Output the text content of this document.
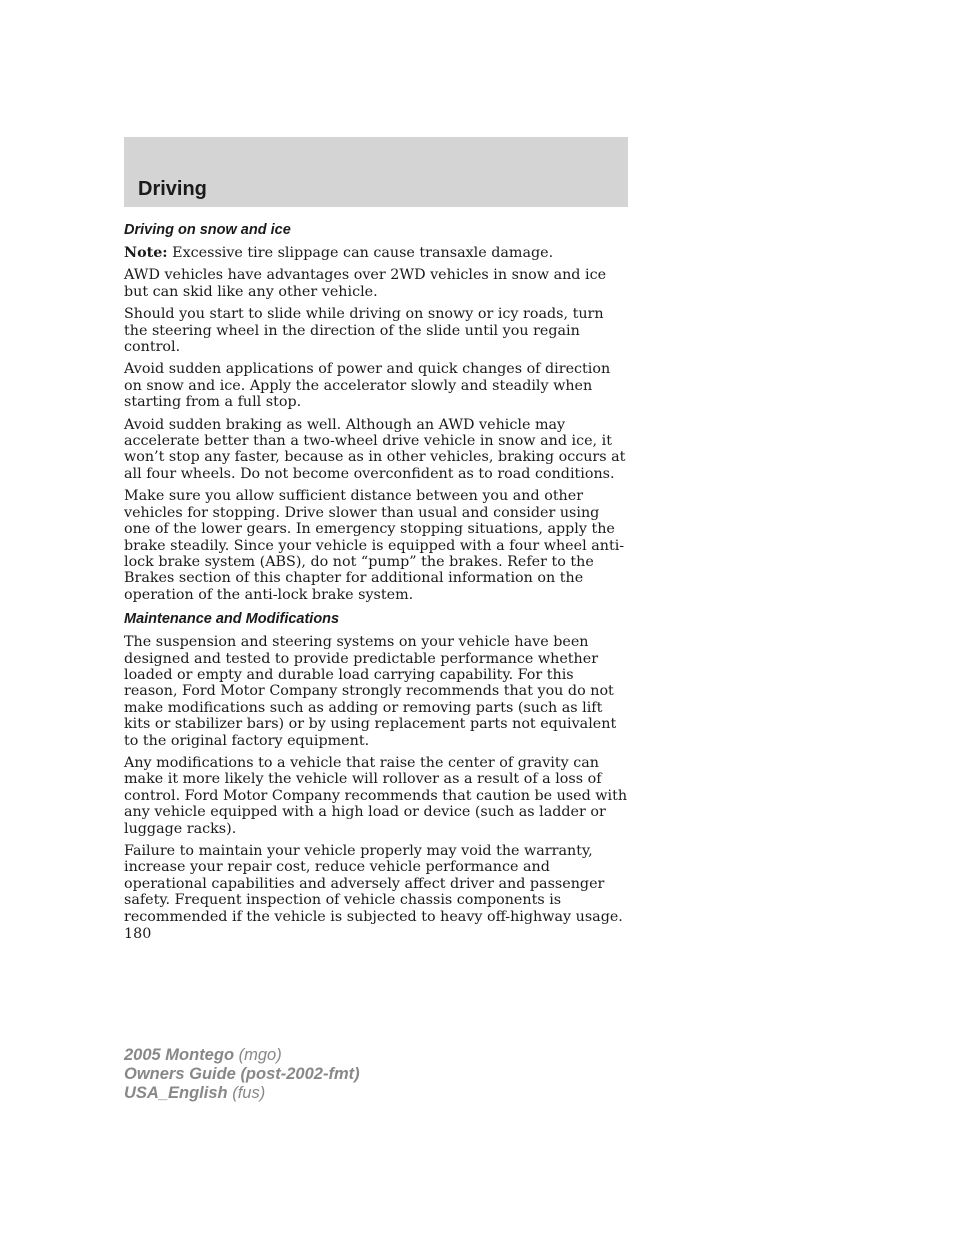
Driving
Driving on snow and ice

Note: Excessive tire slippage can cause transaxle damage.

AWD vehicles have advantages over 2WD vehicles in snow and ice but can skid like any other vehicle.

Should you start to slide while driving on snowy or icy roads, turn the steering wheel in the direction of the slide until you regain control.

Avoid sudden applications of power and quick changes of direction on snow and ice. Apply the accelerator slowly and steadily when starting from a full stop.

Avoid sudden braking as well. Although an AWD vehicle may accelerate better than a two-wheel drive vehicle in snow and ice, it won’t stop any faster, because as in other vehicles, braking occurs at all four wheels. Do not become overconfident as to road conditions.

Make sure you allow sufficient distance between you and other vehicles for stopping. Drive slower than usual and consider using one of the lower gears. In emergency stopping situations, apply the brake steadily. Since your vehicle is equipped with a four wheel anti-lock brake system (ABS), do not “pump” the brakes. Refer to the Brakes section of this chapter for additional information on the operation of the anti-lock brake system.

Maintenance and Modifications

The suspension and steering systems on your vehicle have been designed and tested to provide predictable performance whether loaded or empty and durable load carrying capability. For this reason, Ford Motor Company strongly recommends that you do not make modifications such as adding or removing parts (such as lift kits or stabilizer bars) or by using replacement parts not equivalent to the original factory equipment.

Any modifications to a vehicle that raise the center of gravity can make it more likely the vehicle will rollover as a result of a loss of control. Ford Motor Company recommends that caution be used with any vehicle equipped with a high load or device (such as ladder or luggage racks).

Failure to maintain your vehicle properly may void the warranty, increase your repair cost, reduce vehicle performance and operational capabilities and adversely affect driver and passenger safety. Frequent inspection of vehicle chassis components is recommended if the vehicle is subjected to heavy off-highway usage.

180
2005 Montego (mgo)
Owners Guide (post-2002-fmt)
USA_English (fus)
